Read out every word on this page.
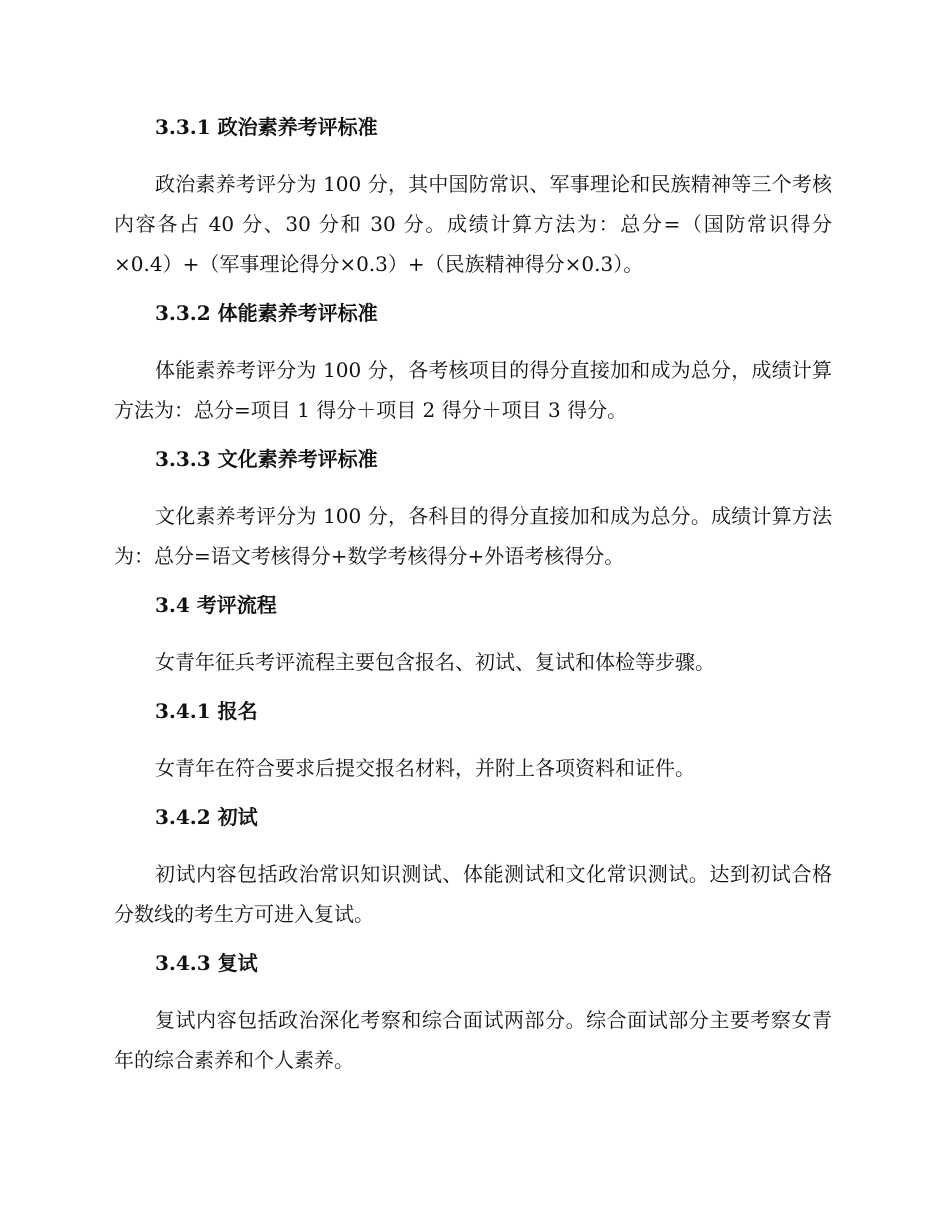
3.3.1 政治素养考评标准

政治素养考评分为 100 分，其中国防常识、军事理论和民族精神等三个考核内容各占 40 分、30 分和 30 分。成绩计算方法为：总分=（国防常识得分×0.4）+（军事理论得分×0.3）+（民族精神得分×0.3）。

3.3.2 体能素养考评标准

体能素养考评分为 100 分，各考核项目的得分直接加和成为总分，成绩计算方法为：总分=项目 1 得分＋项目 2 得分＋项目 3 得分。

3.3.3 文化素养考评标准

文化素养考评分为 100 分，各科目的得分直接加和成为总分。成绩计算方法为：总分=语文考核得分+数学考核得分+外语考核得分。

3.4 考评流程

女青年征兵考评流程主要包含报名、初试、复试和体检等步骤。

3.4.1 报名

女青年在符合要求后提交报名材料，并附上各项资料和证件。

3.4.2 初试

初试内容包括政治常识知识测试、体能测试和文化常识测试。达到初试合格分数线的考生方可进入复试。

3.4.3 复试

复试内容包括政治深化考察和综合面试两部分。综合面试部分主要考察女青年的综合素养和个人素养。
